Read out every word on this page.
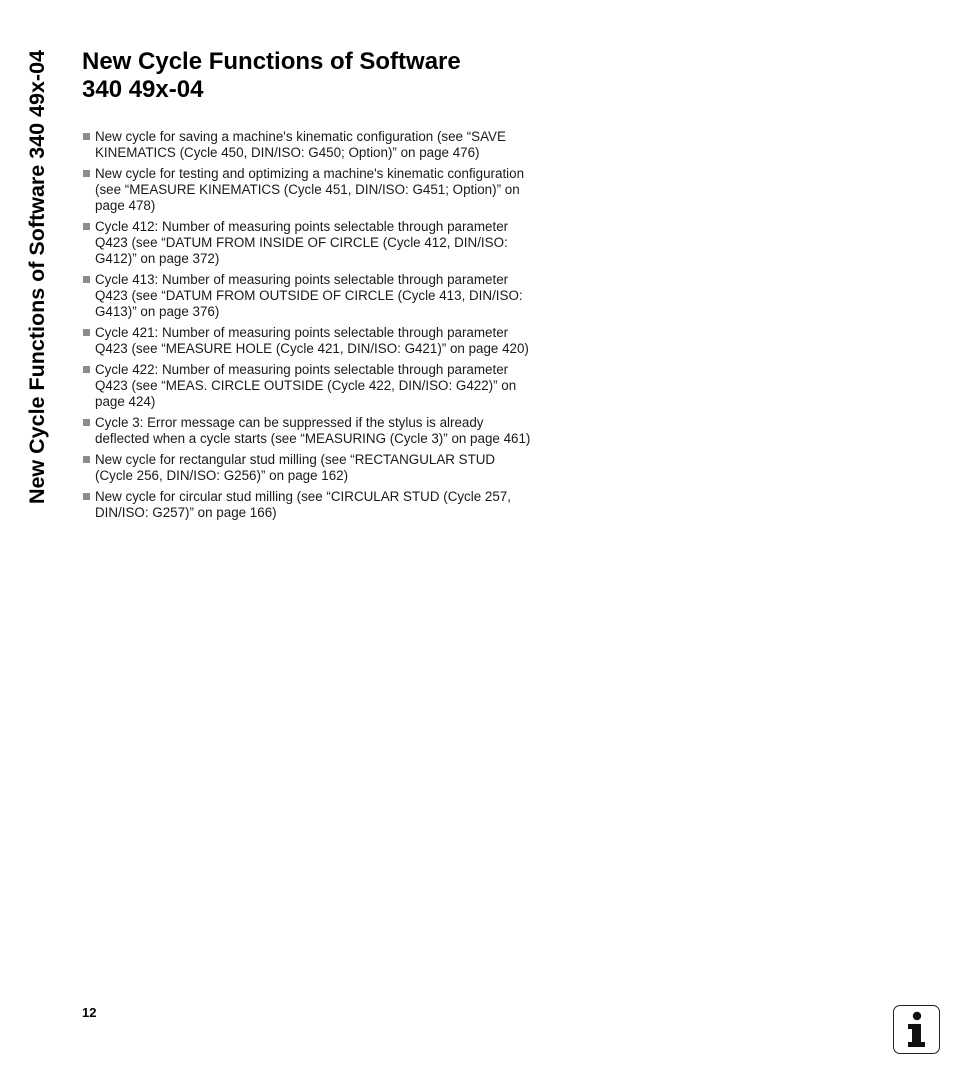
New Cycle Functions of Software 340 49x-04	New Cycle Functions of Software
340 49x-04
New cycle for saving a machine's kinematic configuration (see “SAVE KINEMATICS (Cycle 450, DIN/ISO: G450; Option)” on page 476)
New cycle for testing and optimizing a machine's kinematic configuration (see “MEASURE KINEMATICS (Cycle 451, DIN/ISO: G451; Option)” on page 478)
Cycle 412: Number of measuring points selectable through parameter Q423 (see “DATUM FROM INSIDE OF CIRCLE (Cycle 412, DIN/ISO: G412)” on page 372)
Cycle 413: Number of measuring points selectable through parameter Q423 (see “DATUM FROM OUTSIDE OF CIRCLE (Cycle 413, DIN/ISO: G413)” on page 376)
Cycle 421: Number of measuring points selectable through parameter Q423 (see “MEASURE HOLE (Cycle 421, DIN/ISO: G421)” on page 420)
Cycle 422: Number of measuring points selectable through parameter Q423 (see “MEAS. CIRCLE OUTSIDE (Cycle 422, DIN/ISO: G422)” on page 424)
Cycle 3: Error message can be suppressed if the stylus is already deflected when a cycle starts (see “MEASURING (Cycle 3)” on page 461)
New cycle for rectangular stud milling (see “RECTANGULAR STUD (Cycle 256, DIN/ISO: G256)” on page 162)
New cycle for circular stud milling (see “CIRCULAR STUD (Cycle 257, DIN/ISO: G257)” on page 166)
12
